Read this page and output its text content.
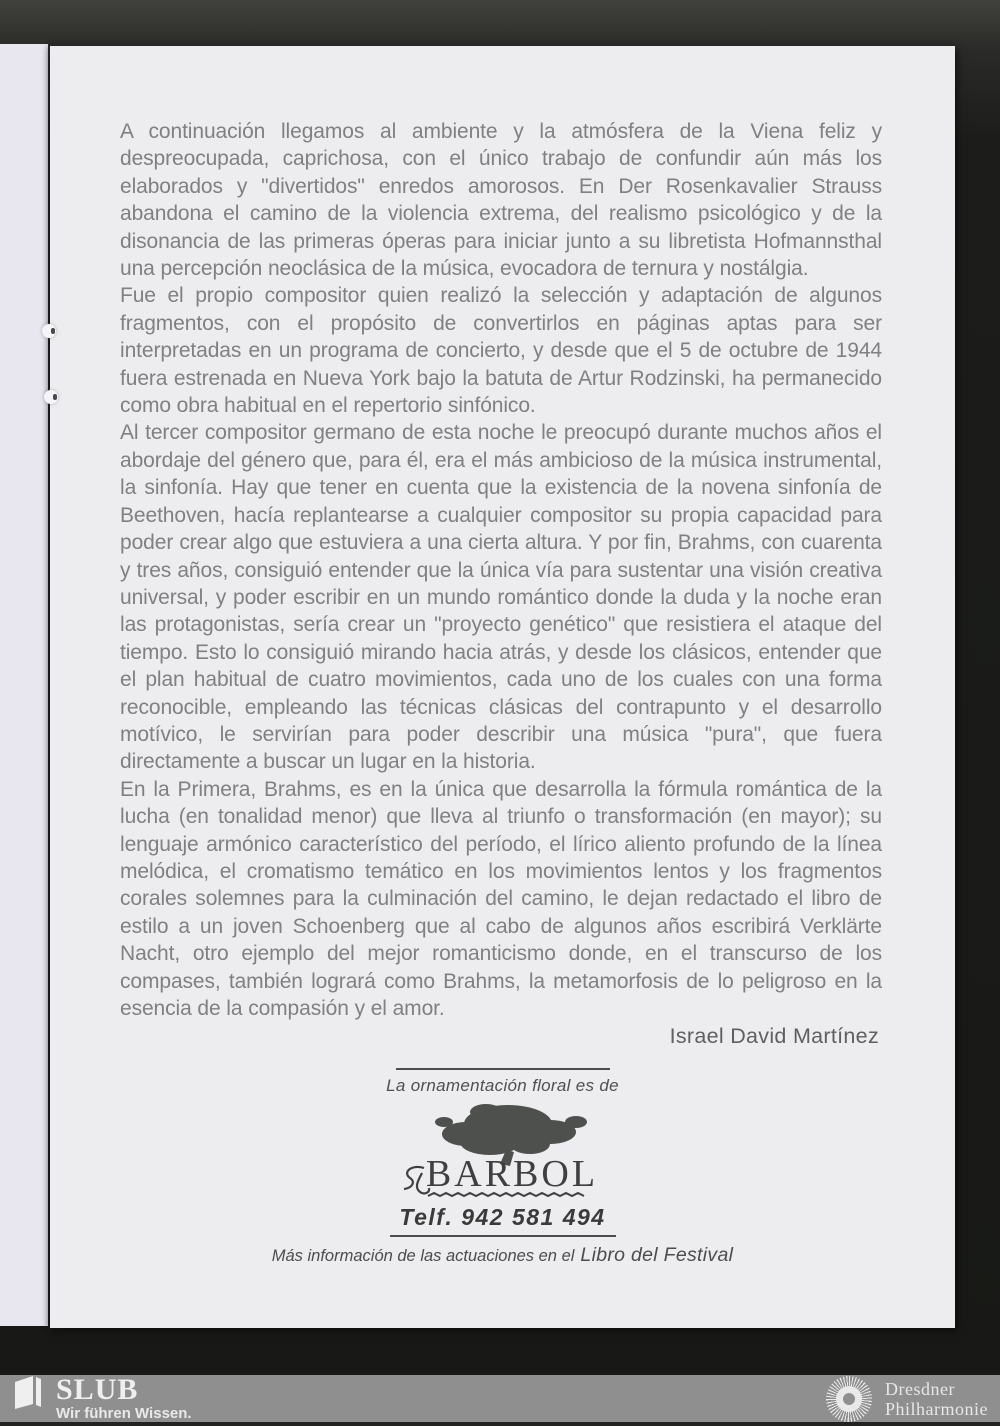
A continuación llegamos al ambiente y la atmósfera de la Viena feliz y despreocupada, caprichosa, con el único trabajo de confundir aún más los elaborados y "divertidos" enredos amorosos. En Der Rosenkavalier Strauss abandona el camino de la violencia extrema, del realismo psicológico y de la disonancia de las primeras óperas para iniciar junto a su libretista Hofmannsthal una percepción neoclásica de la música, evocadora de ternura y nostálgia.

Fue el propio compositor quien realizó la selección y adaptación de algunos fragmentos, con el propósito de convertirlos en páginas aptas para ser interpretadas en un programa de concierto, y desde que el 5 de octubre de 1944 fuera estrenada en Nueva York bajo la batuta de Artur Rodzinski, ha permanecido como obra habitual en el repertorio sinfónico.

Al tercer compositor germano de esta noche le preocupó durante muchos años el abordaje del género que, para él, era el más ambicioso de la música instrumental, la sinfonía. Hay que tener en cuenta que la existencia de la novena sinfonía de Beethoven, hacía replantearse a cualquier compositor su propia capacidad para poder crear algo que estuviera a una cierta altura. Y por fin, Brahms, con cuarenta y tres años, consiguió entender que la única vía para sustentar una visión creativa universal, y poder escribir en un mundo romántico donde la duda y la noche eran las protagonistas, sería crear un "proyecto genético" que resistiera el ataque del tiempo. Esto lo consiguió mirando hacia atrás, y desde los clásicos, entender que el plan habitual de cuatro movimientos, cada uno de los cuales con una forma reconocible, empleando las técnicas clásicas del contrapunto y el desarrollo motívico, le servirían para poder describir una música "pura", que fuera directamente a buscar un lugar en la historia.

En la Primera, Brahms, es en la única que desarrolla la fórmula romántica de la lucha (en tonalidad menor) que lleva al triunfo o transformación (en mayor); su lenguaje armónico característico del período, el lírico aliento profundo de la línea melódica, el cromatismo temático en los movimientos lentos y los fragmentos corales solemnes para la culminación del camino, le dejan redactado el libro de estilo a un joven Schoenberg que al cabo de algunos años escribirá Verklärte Nacht, otro ejemplo del mejor romanticismo donde, en el transcurso de los compases, también logrará como Brahms, la metamorfosis de lo peligroso en la esencia de la compasión y el amor.

Israel David Martínez
La ornamentación floral es de
BARBOL
Telf. 942 581 494
Más información de las actuaciones en el Libro del Festival
SLUB
Wir führen Wissen.
Dresdner
Philharmonie
